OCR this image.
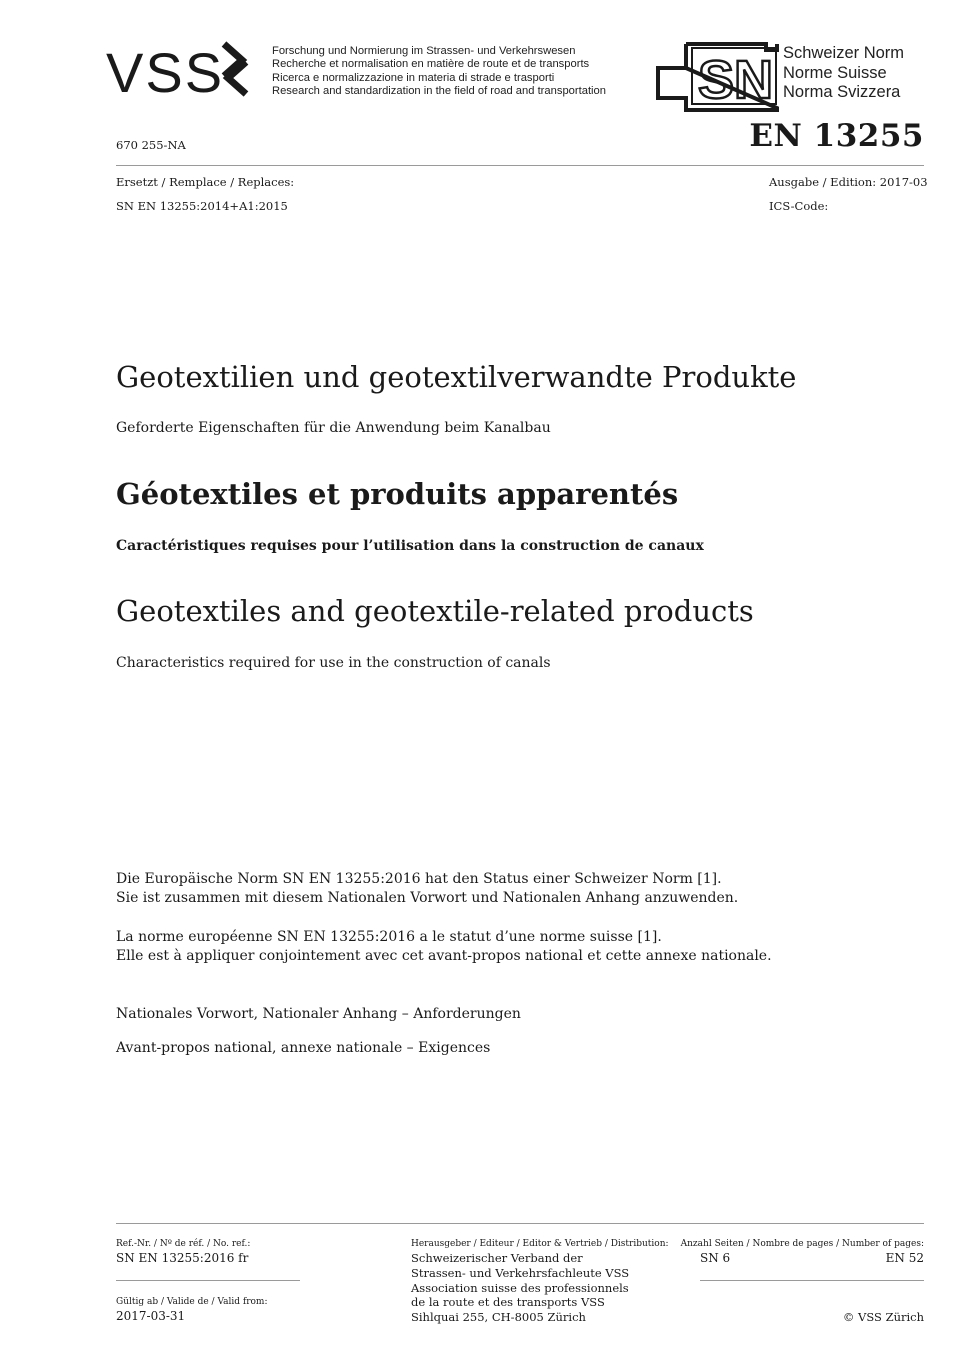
VSS	Forschung und Normierung im Strassen- und Verkehrswesen
Recherche et normalisation en matière de route et de transports
Ricerca e normalizzazione in materia di strade e trasporti
Research and standardization in the field of road and transportation SN Schweizer Norm
Norme Suisse
Norma Svizzera
670 255-NA	EN 13255
Ersetzt / Remplace / Replaces:
SN EN 13255:2014+A1:2015
Ausgabe / Edition: 2017-03
ICS-Code:
Geotextilien und geotextilverwandte Produkte
Geforderte Eigenschaften für die Anwendung beim Kanalbau
Géotextiles et produits apparentés
Caractéristiques requises pour l’utilisation dans la construction de canaux
Geotextiles and geotextile-related products
Characteristics required for use in the construction of canals
Die Europäische Norm SN EN 13255:2016 hat den Status einer Schweizer Norm [1].
Sie ist zusammen mit diesem Nationalen Vorwort und Nationalen Anhang anzuwenden.
La norme européenne SN EN 13255:2016 a le statut d’une norme suisse [1].
Elle est à appliquer conjointement avec cet avant-propos national et cette annexe nationale.
Nationales Vorwort, Nationaler Anhang – Anforderungen
Avant-propos national, annexe nationale – Exigences
Ref.-Nr. / Nº de réf. / No. ref.:
SN EN 13255:2016 fr
Gültig ab / Valide de / Valid from:
2017-03-31
Herausgeber / Editeur / Editor & Vertrieb / Distribution:
Schweizerischer Verband der
Strassen- und Verkehrsfachleute VSS
Association suisse des professionnels
de la route et des transports VSS
Sihlquai 255, CH-8005 Zürich
Anzahl Seiten / Nombre de pages / Number of pages:
SN 6	EN 52
© VSS Zürich
